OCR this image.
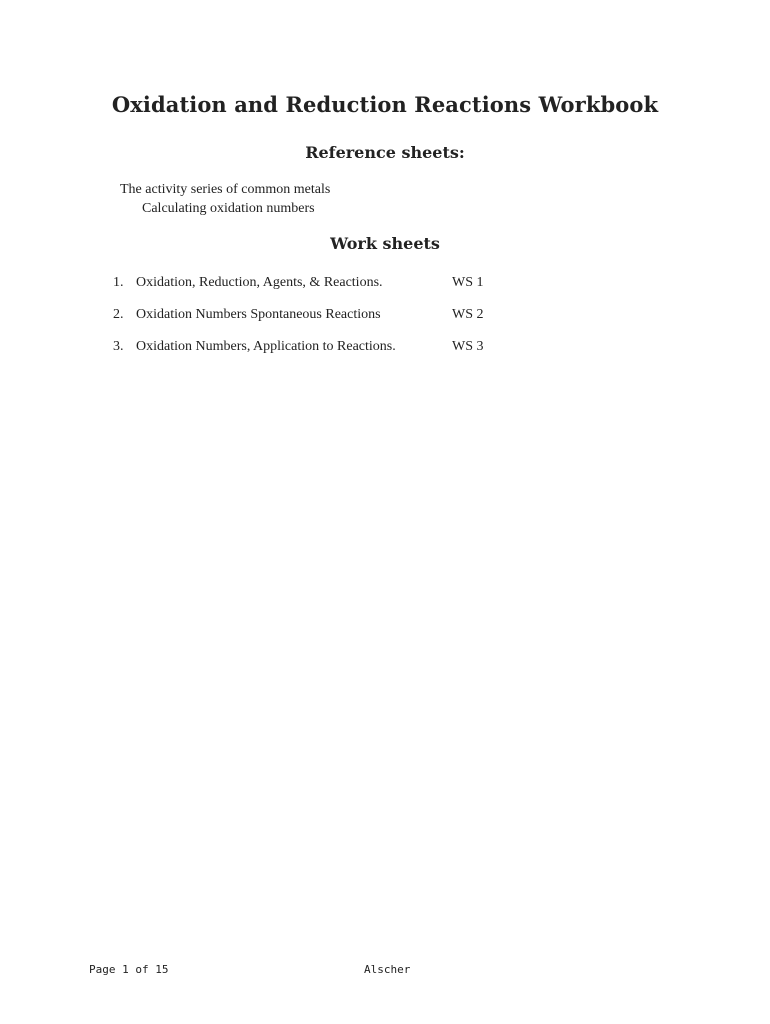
Oxidation and Reduction Reactions Workbook
Reference sheets:
The activity series of common metals
Calculating oxidation numbers
Work sheets
1. Oxidation, Reduction, Agents, & Reactions.	WS 1
2. Oxidation Numbers Spontaneous Reactions	WS 2
3. Oxidation Numbers, Application to Reactions.	WS 3
Page 1 of 15	Alscher
